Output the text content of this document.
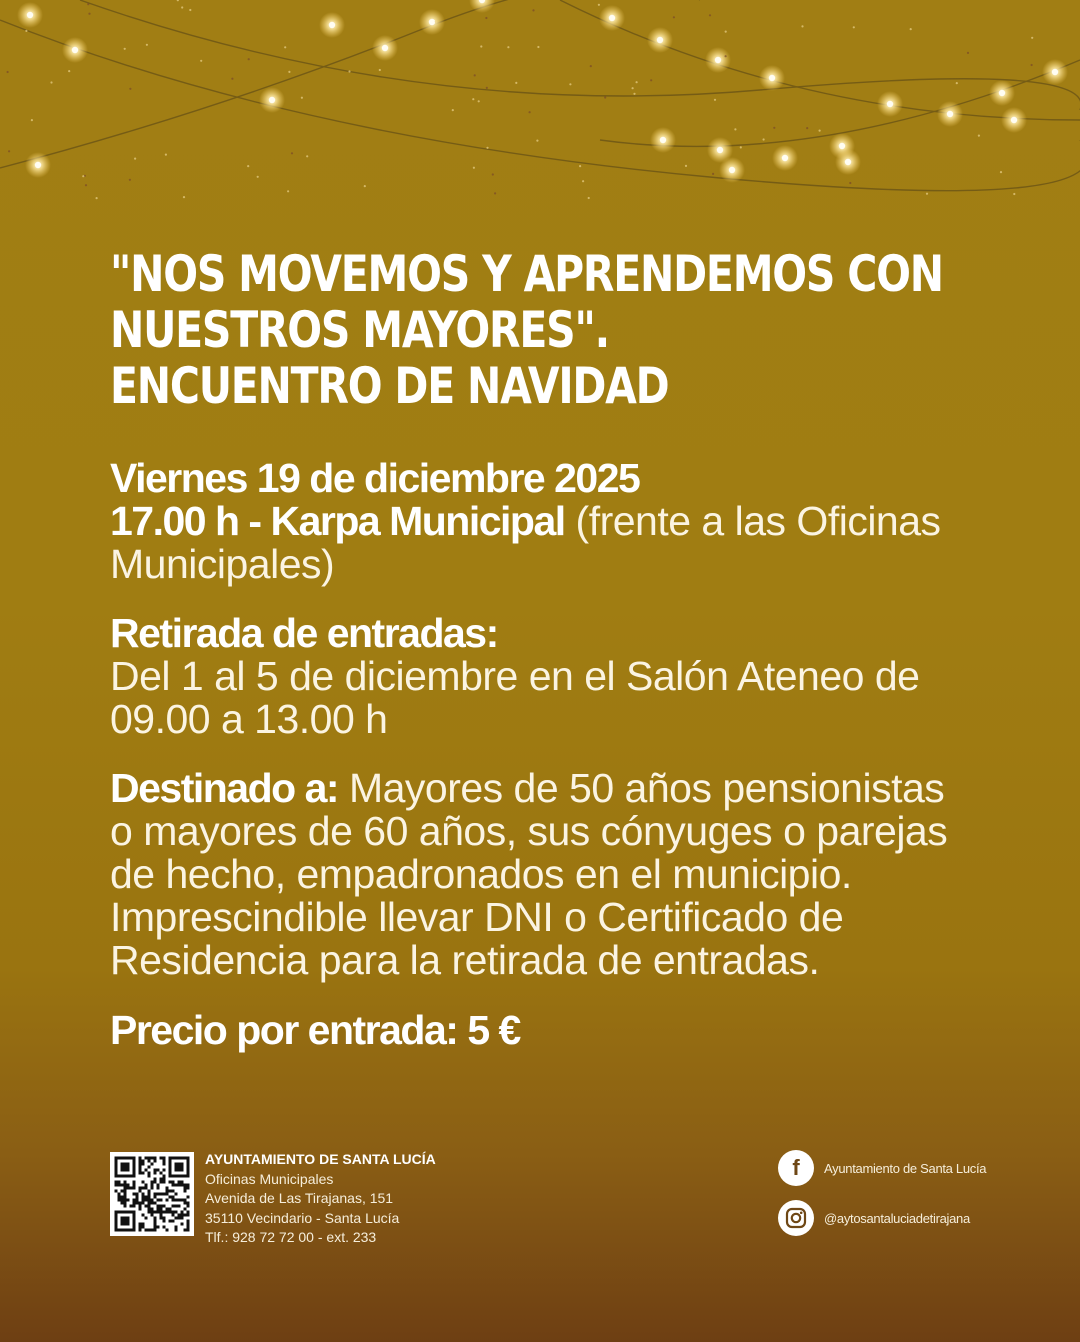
"NOS MOVEMOS Y APRENDEMOS CON
NUESTROS MAYORES".
ENCUENTRO DE NAVIDAD
Viernes 19 de diciembre 2025
17.00 h - Karpa Municipal (frente a las Oficinas
Municipales)
Retirada de entradas:
Del 1 al 5 de diciembre en el Salón Ateneo de
09.00 a 13.00 h
Destinado a: Mayores de 50 años pensionistas
o mayores de 60 años, sus cónyuges o parejas
de hecho, empadronados en el municipio.
Imprescindible llevar DNI o Certificado de
Residencia para la retirada de entradas.
Precio por entrada: 5 €
AYUNTAMIENTO DE SANTA LUCÍA
Oficinas Municipales
Avenida de Las Tirajanas, 151
35110 Vecindario - Santa Lucía
Tlf.: 928 72 72 00 - ext. 233
f	Ayuntamiento de Santa Lucía
@aytosantaluciadetirajana
